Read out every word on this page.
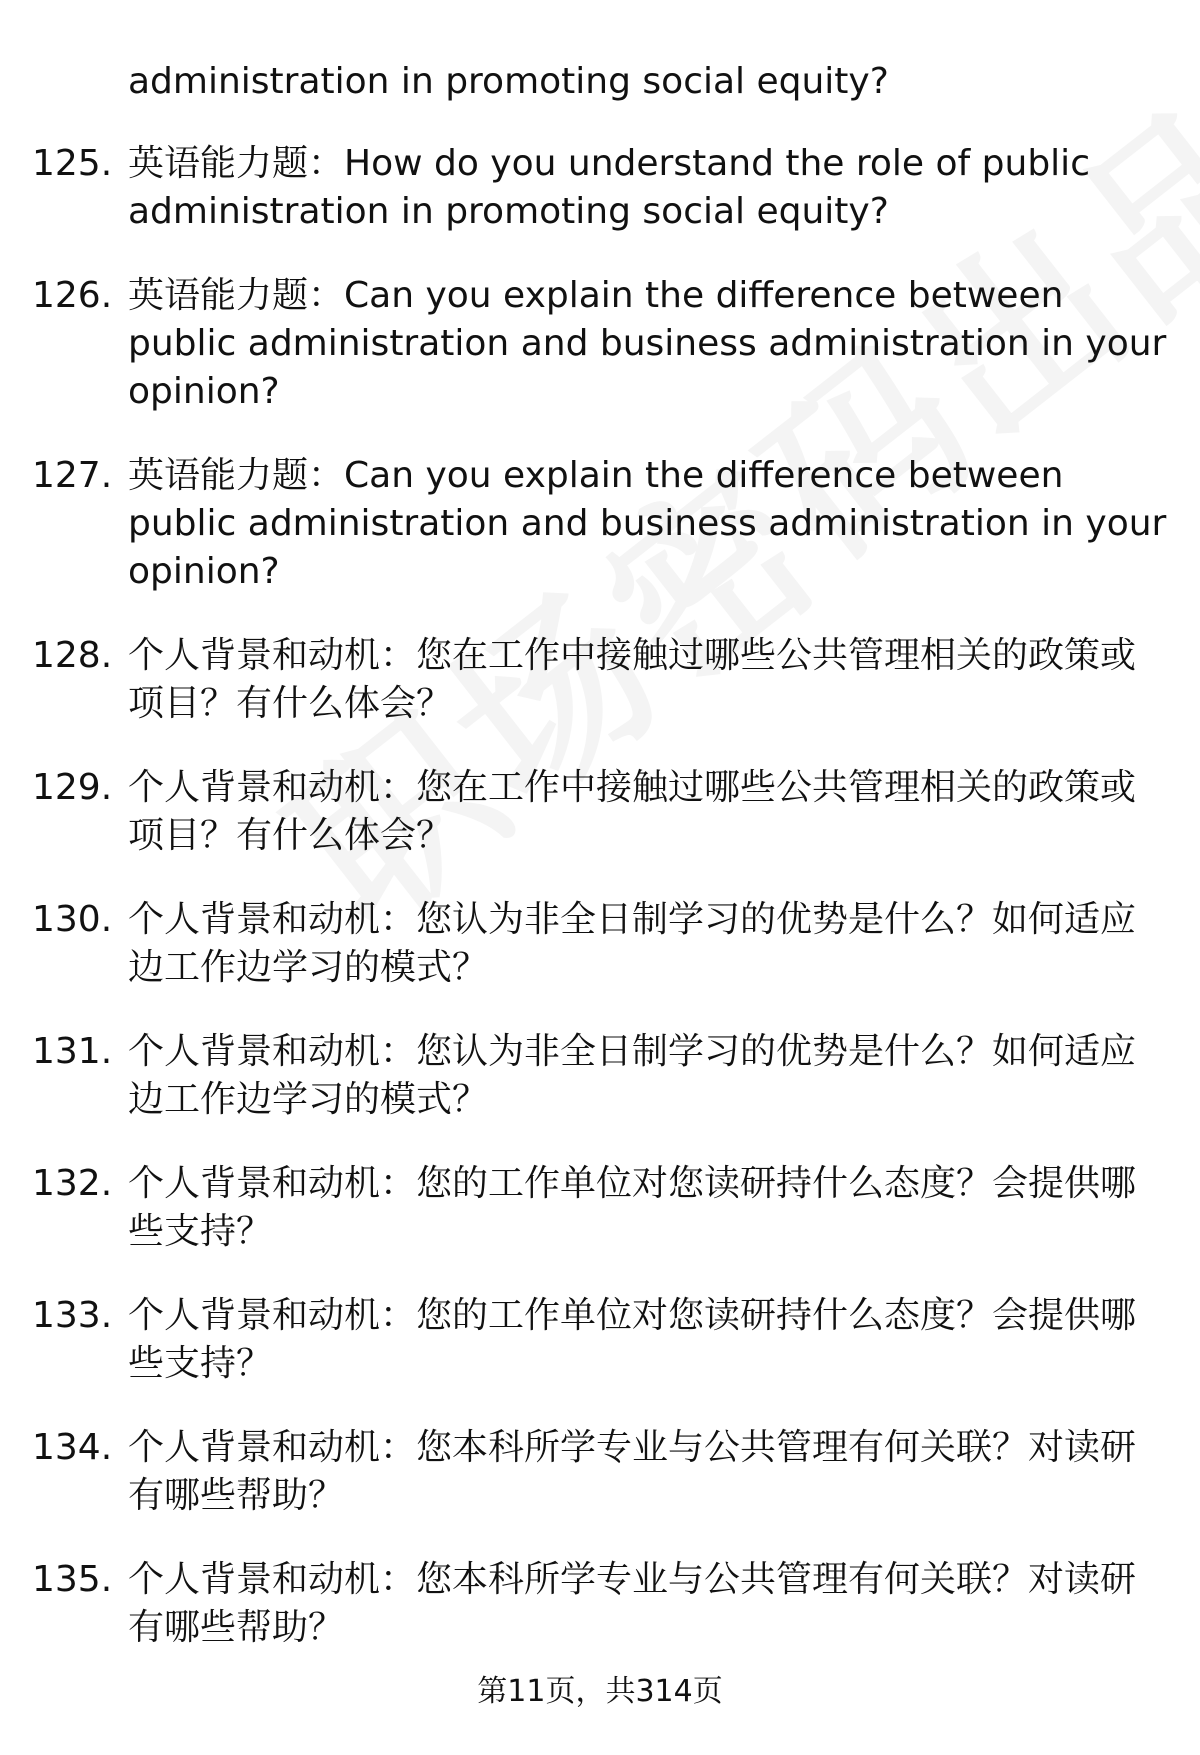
administration in promoting social equity?
125. 英语能力题：How do you understand the role of public administration in promoting social equity?
126. 英语能力题：Can you explain the difference between public administration and business administration in your opinion?
127. 英语能力题：Can you explain the difference between public administration and business administration in your opinion?
128. 个人背景和动机：您在工作中接触过哪些公共管理相关的政策或项目？有什么体会？
129. 个人背景和动机：您在工作中接触过哪些公共管理相关的政策或项目？有什么体会？
130. 个人背景和动机：您认为非全日制学习的优势是什么？如何适应边工作边学习的模式？
131. 个人背景和动机：您认为非全日制学习的优势是什么？如何适应边工作边学习的模式？
132. 个人背景和动机：您的工作单位对您读研持什么态度？会提供哪些支持？
133. 个人背景和动机：您的工作单位对您读研持什么态度？会提供哪些支持？
134. 个人背景和动机：您本科所学专业与公共管理有何关联？对读研有哪些帮助？
135. 个人背景和动机：您本科所学专业与公共管理有何关联？对读研有哪些帮助？
第11页，共314页
